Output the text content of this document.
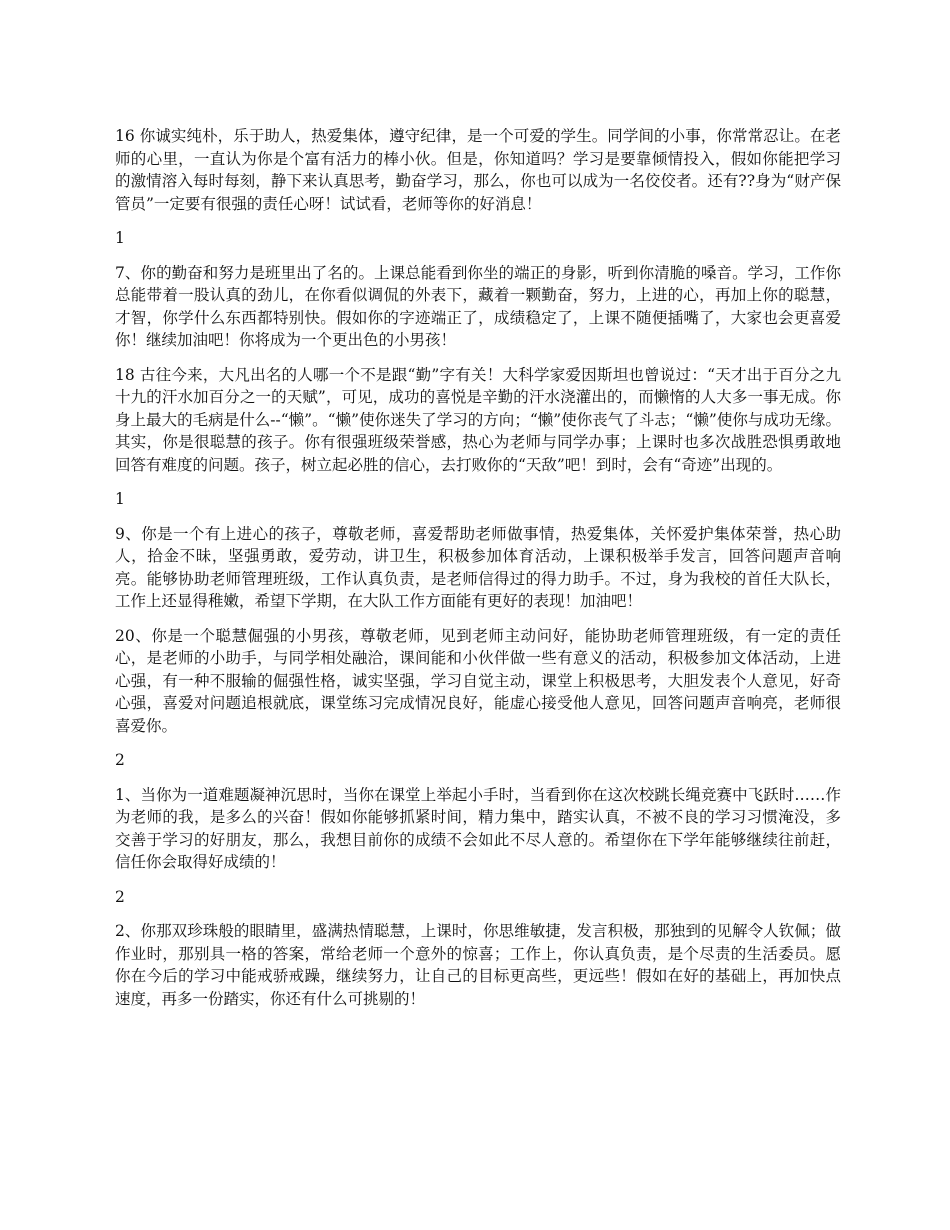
16 你诚实纯朴，乐于助人，热爱集体，遵守纪律，是一个可爱的学生。同学间的小事，你常常忍让。在老师的心里，一直认为你是个富有活力的棒小伙。但是，你知道吗？学习是要靠倾情投入，假如你能把学习的激情溶入每时每刻，静下来认真思考，勤奋学习，那么，你也可以成为一名佼佼者。还有??身为“财产保管员”一定要有很强的责任心呀！试试看，老师等你的好消息！

1

7、你的勤奋和努力是班里出了名的。上课总能看到你坐的端正的身影，听到你清脆的嗓音。学习，工作你总能带着一股认真的劲儿，在你看似调侃的外表下，藏着一颗勤奋，努力，上进的心，再加上你的聪慧，才智，你学什么东西都特别快。假如你的字迹端正了，成绩稳定了，上课不随便插嘴了，大家也会更喜爱你！继续加油吧！你将成为一个更出色的小男孩！

18 古往今来，大凡出名的人哪一个不是跟“勤”字有关！大科学家爱因斯坦也曾说过：“天才出于百分之九十九的汗水加百分之一的天赋”，可见，成功的喜悦是辛勤的汗水浇灌出的，而懒惰的人大多一事无成。你身上最大的毛病是什么--“懒”。“懒”使你迷失了学习的方向；“懒”使你丧气了斗志；“懒”使你与成功无缘。其实，你是很聪慧的孩子。你有很强班级荣誉感，热心为老师与同学办事；上课时也多次战胜恐惧勇敢地回答有难度的问题。孩子，树立起必胜的信心，去打败你的“天敌”吧！到时，会有“奇迹”出现的。

1

9、你是一个有上进心的孩子，尊敬老师，喜爱帮助老师做事情，热爱集体，关怀爱护集体荣誉，热心助人，拾金不昧，坚强勇敢，爱劳动，讲卫生，积极参加体育活动，上课积极举手发言，回答问题声音响亮。能够协助老师管理班级，工作认真负责，是老师信得过的得力助手。不过，身为我校的首任大队长，工作上还显得稚嫩，希望下学期，在大队工作方面能有更好的表现！加油吧！

20、你是一个聪慧倔强的小男孩，尊敬老师，见到老师主动问好，能协助老师管理班级，有一定的责任心，是老师的小助手，与同学相处融洽，课间能和小伙伴做一些有意义的活动，积极参加文体活动，上进心强，有一种不服输的倔强性格，诚实坚强，学习自觉主动，课堂上积极思考，大胆发表个人意见，好奇心强，喜爱对问题追根就底，课堂练习完成情况良好，能虚心接受他人意见，回答问题声音响亮，老师很喜爱你。

2

1、当你为一道难题凝神沉思时，当你在课堂上举起小手时，当看到你在这次校跳长绳竞赛中飞跃时……作为老师的我，是多么的兴奋！假如你能够抓紧时间，精力集中，踏实认真，不被不良的学习习惯淹没，多交善于学习的好朋友，那么，我想目前你的成绩不会如此不尽人意的。希望你在下学年能够继续往前赶，信任你会取得好成绩的！

2

2、你那双珍珠般的眼睛里，盛满热情聪慧，上课时，你思维敏捷，发言积极，那独到的见解令人钦佩；做作业时，那别具一格的答案，常给老师一个意外的惊喜；工作上，你认真负责，是个尽责的生活委员。愿你在今后的学习中能戒骄戒躁，继续努力，让自己的目标更高些，更远些！假如在好的基础上，再加快点速度，再多一份踏实，你还有什么可挑剔的！
